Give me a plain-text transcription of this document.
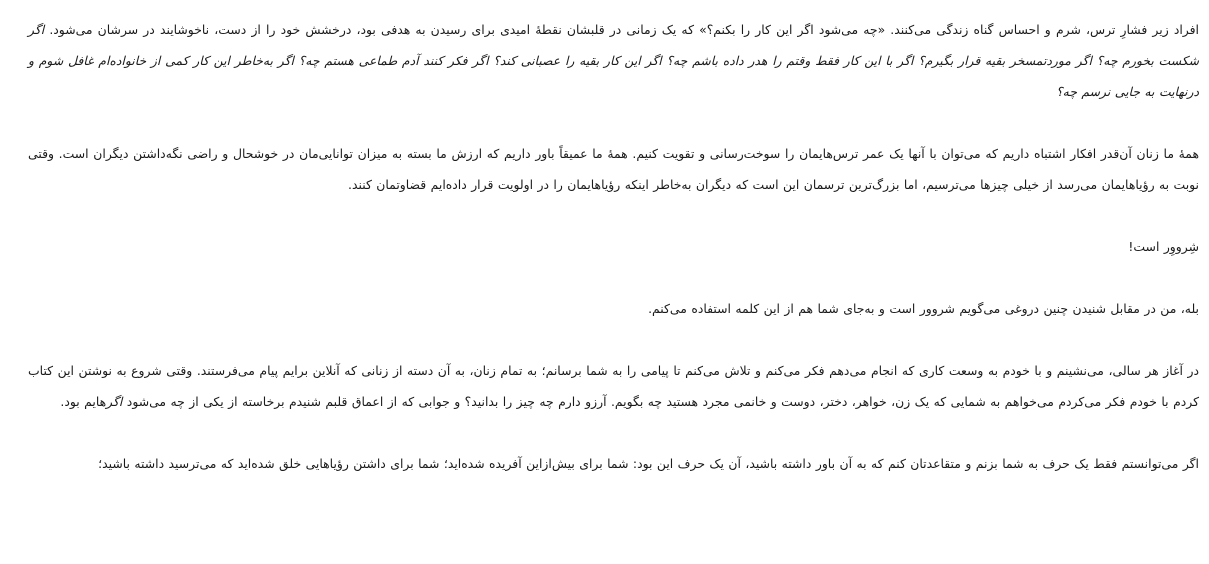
افراد زیر فشارِ ترس، شرم و احساس گناه زندگی می‌کنند. «چه می‌شود اگر این کار را بکنم؟» که یک زمانی در قلبشان نقطهٔ امیدی برای رسیدن به هدفی بود، درخشش خود را از دست، ناخوشایند در سرشان می‌شود. اگر شکست بخورم چه؟ اگر موردتمسخر بقیه قرار بگیرم؟ اگر با این کار فقط وقتم را هدر داده باشم چه؟ اگر این کار بقیه را عصبانی کند؟ اگر فکر کنند آدم طماعی هستم چه؟ اگر به‌خاطر این کار کمی از خانواده‌ام غافل شوم و درنهایت به جایی نرسم چه؟

همهٔ ما زنان آن‌قدر افکار اشتباه داریم که می‌توان با آنها یک عمر ترس‌هایمان را سوخت‌رسانی و تقویت کنیم. همهٔ ما عمیقاً باور داریم که ارزش ما بسته به میزان توانایی‌مان در خوشحال و راضی نگه‌داشتن دیگران است. وقتی نوبت به رؤیاهایمان می‌رسد از خیلی چیزها می‌ترسیم، اما بزرگ‌ترین ترسمان این است که دیگران به‌خاطر اینکه رؤیاهایمان را در اولویت قرار داده‌ایم قضاوتمان کنند.

شِرووِر است!

بله، من در مقابل شنیدن چنین دروغی می‌گویم شروور است و به‌جای شما هم از این کلمه استفاده می‌کنم.

در آغاز هر سالی، می‌نشینم و با خودم به وسعت کاری که انجام می‌دهم فکر می‌کنم و تلاش می‌کنم تا پیامی را به شما برسانم؛ به تمام زنان، به آن دسته از زنانی که آنلاین برایم پیام می‌فرستند. وقتی شروع به نوشتن این کتاب کردم با خودم فکر می‌کردم می‌خواهم به شمایی که یک زن، خواهر، دختر، دوست و خانمی مجرد هستید چه بگویم. آرزو دارم چه چیز را بدانید؟ و جوابی که از اعماق قلبم شنیدم برخاسته از یکی از چه می‌شود اگرهایم بود.

اگر می‌توانستم فقط یک حرف به شما بزنم و متقاعدتان کنم که به آن باور داشته باشید، آن یک حرف این بود: شما برای بیش‌ازاین آفریده شده‌اید؛ شما برای داشتن رؤیاهایی خلق شده‌اید که می‌ترسید داشته باشید؛
